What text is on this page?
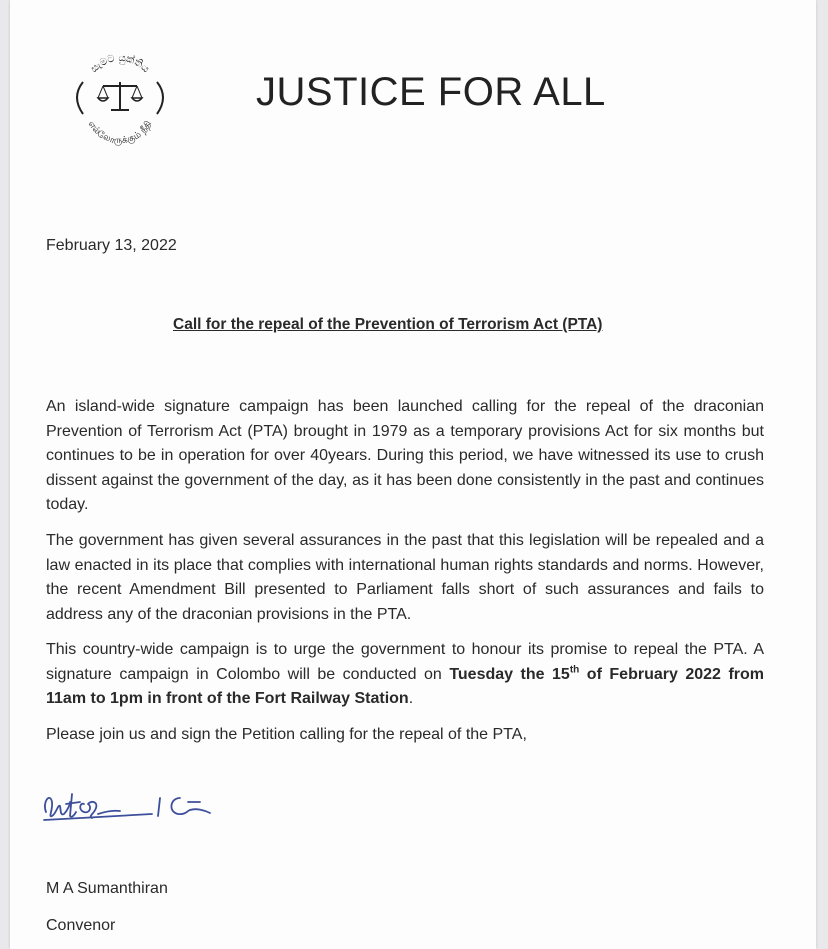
සැමට යුක්තිය
எல்லோருக்கும் நீதி
JUSTICE FOR ALL
February 13, 2022
Call for the repeal of the Prevention of Terrorism Act (PTA)
An island-wide signature campaign has been launched calling for the repeal of the draconian Prevention of Terrorism Act (PTA) brought in 1979 as a temporary provisions Act for six months but continues to be in operation for over 40years. During this period, we have witnessed its use to crush dissent against the government of the day, as it has been done consistently in the past and continues today.
The government has given several assurances in the past that this legislation will be repealed and a law enacted in its place that complies with international human rights standards and norms. However, the recent Amendment Bill presented to Parliament falls short of such assurances and fails to address any of the draconian provisions in the PTA.
This country-wide campaign is to urge the government to honour its promise to repeal the PTA. A signature campaign in Colombo will be conducted on Tuesday the 15th of February 2022 from 11am to 1pm in front of the Fort Railway Station.
Please join us and sign the Petition calling for the repeal of the PTA,
M A Sumanthiran
Convenor
